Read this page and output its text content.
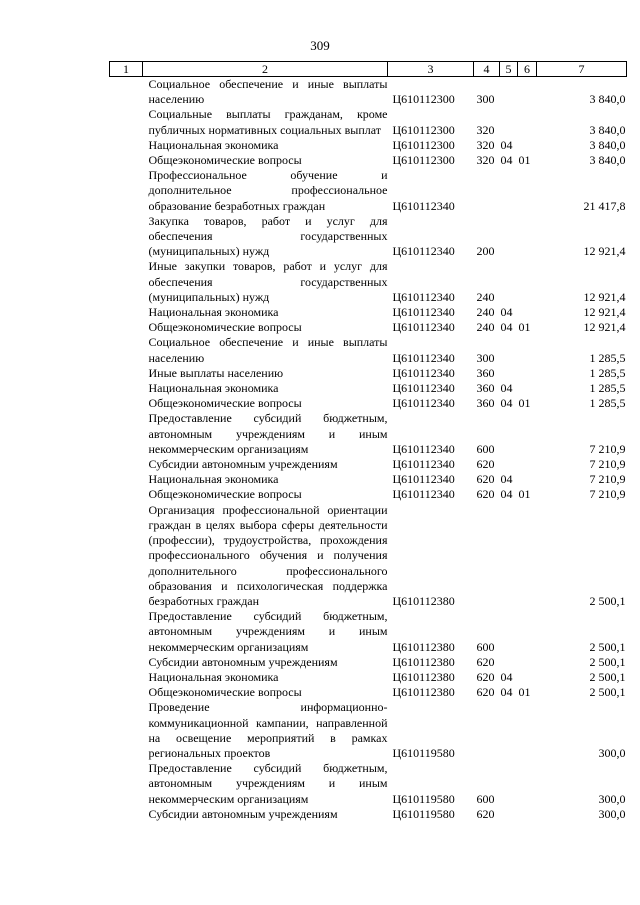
309
1	2	3	4	5	6	7
	Социальное обеспечение и иные выплаты населению	Ц610112300	300			3 840,0
	Социальные выплаты гражданам, кроме публичных нормативных социальных выплат	Ц610112300	320			3 840,0
	Национальная экономика	Ц610112300	320	04		3 840,0
	Общеэкономические вопросы	Ц610112300	320	04	01	3 840,0
	Профессиональное обучение и дополнительное профессиональное образование безработных граждан	Ц610112340				21 417,8
	Закупка товаров, работ и услуг для обеспечения государственных (муниципальных) нужд	Ц610112340	200			12 921,4
	Иные закупки товаров, работ и услуг для обеспечения государственных (муниципальных) нужд	Ц610112340	240			12 921,4
	Национальная экономика	Ц610112340	240	04		12 921,4
	Общеэкономические вопросы	Ц610112340	240	04	01	12 921,4
	Социальное обеспечение и иные выплаты населению	Ц610112340	300			1 285,5
	Иные выплаты населению	Ц610112340	360			1 285,5
	Национальная экономика	Ц610112340	360	04		1 285,5
	Общеэкономические вопросы	Ц610112340	360	04	01	1 285,5
	Предоставление субсидий бюджетным, автономным учреждениям и иным некоммерческим организациям	Ц610112340	600			7 210,9
	Субсидии автономным учреждениям	Ц610112340	620			7 210,9
	Национальная экономика	Ц610112340	620	04		7 210,9
	Общеэкономические вопросы	Ц610112340	620	04	01	7 210,9
	Организация профессиональной ориентации граждан в целях выбора сферы деятельности (профессии), трудоустройства, прохождения профессионального обучения и получения дополнительного профессионального образования и психологическая поддержка безработных граждан	Ц610112380				2 500,1
	Предоставление субсидий бюджетным, автономным учреждениям и иным некоммерческим организациям	Ц610112380	600			2 500,1
	Субсидии автономным учреждениям	Ц610112380	620			2 500,1
	Национальная экономика	Ц610112380	620	04		2 500,1
	Общеэкономические вопросы	Ц610112380	620	04	01	2 500,1
	Проведение информационно-коммуникационной кампании, направленной на освещение мероприятий в рамках региональных проектов	Ц610119580				300,0
	Предоставление субсидий бюджетным, автономным учреждениям и иным некоммерческим организациям	Ц610119580	600			300,0
	Субсидии автономным учреждениям	Ц610119580	620			300,0
